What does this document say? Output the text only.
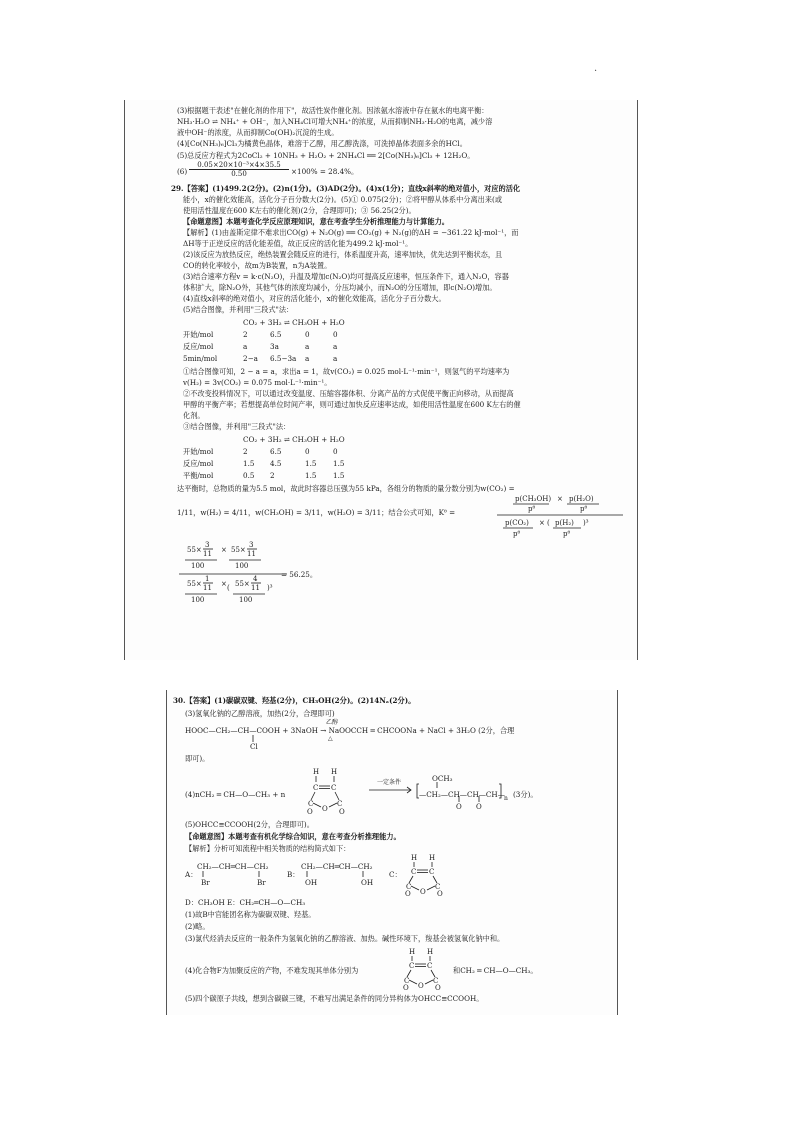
·
(3)根据题干表述"在催化剂的作用下"，故活性炭作催化剂。因浓氨水溶液中存在氨水的电离平衡：
NH₃·H₂O ⇌ NH₄⁺ + OH⁻，加入NH₄Cl可增大NH₄⁺的浓度，从而抑制NH₃·H₂O的电离，减少溶
液中OH⁻的浓度，从而抑制Co(OH)₂沉淀的生成。
(4)[Co(NH₃)₆]Cl₃为橘黄色晶体，难溶于乙醇，用乙醇洗涤，可洗掉晶体表面多余的HCl。
(5)总反应方程式为2CoCl₂ + 10NH₃ + H₂O₂ + 2NH₄Cl ══ 2[Co(NH₃)₆]Cl₃ + 12H₂O。
$(6) \frac{\text{0.05×20×10⁻³×4×35.5}}{0.50} \times 100\% = 28.4\%$。
29.【答案】(1)499.2(2分)。(2)n(1分)。(3)AD(2分)。(4)x(1分)；直线x斜率的绝对值小，对应的活化
能小，x的催化效能高，活化分子百分数大(2分)。(5)① 0.075(2分)；②将甲醇从体系中分离出来(或
使用活性温度在600 K左右的催化剂)(2分，合理即可)；③ 56.25(2分)。
【命题意图】本题考查化学反应原理知识，意在考查学生分析推理能力与计算能力。
【解析】(1)由盖斯定律不难求出CO(g) + N₂O(g) ══ CO₂(g) + N₂(g)的ΔH = −361.22 kJ·mol⁻¹，而
ΔH等于正逆反应的活化能差值，故正反应的活化能为499.2 kJ·mol⁻¹。
(2)该反应为放热反应，绝热装置会随反应的进行，体系温度升高，速率加快，优先达到平衡状态，且
CO的转化率较小，故m为B装置，n为A装置。
(3)结合速率方程v = k·c(N₂O)，升温及增加c(N₂O)均可提高反应速率，恒压条件下，通入N₂O，容器
体积扩大，除N₂O外，其他气体的浓度均减小，分压均减小，而N₂O的分压增加，即c(N₂O)增加。
(4)直线x斜率的绝对值小，对应的活化能小，x的催化效能高，活化分子百分数大。
(5)结合图像，并利用"三段式"法：
CO₂ + 3H₂ ⇌ CH₃OH + H₂O
开始/mol	2	6.5	0	0
反应/mol	a	3a	a	a
5min/mol	2−a 6.5−3a a	a
①结合图像可知，2 − a = a，求出a = 1，故v(CO₂) = 0.025 mol·L⁻¹·min⁻¹，则氢气的平均速率为
v(H₂) = 3v(CO₂) = 0.075 mol·L⁻¹·min⁻¹。
②不改变投料情况下，可以通过改变温度、压缩容器体积、分离产品的方式促使平衡正向移动，从而提高
甲醇的平衡产率；若想提高单位时间产率，则可通过加快反应速率达成，如使用活性温度在600 K左右的催
化剂。
③结合图像，并利用"三段式"法：
CO₂ + 3H₂ ⇌ CH₃OH + H₂O
开始/mol	2	6.5	0	0
反应/mol	1.5 4.5	1.5 1.5
平衡/mol	0.5 2	1.5 1.5
达平衡时，总物质的量为5.5 mol，故此时容器总压强为55 kPa，各组分的物质的量分数分别为w(CO₂) =
1/11，w(H₂) = 4/11，w(CH₃OH) = 3/11，w(H₂O) = 3/11；结合公式可知，Kᶿ =
p(CH₃OH) × p(H₂O)
pᶿ	pᶿ
p(CO₂) × ( p(H₂) )³
pᶿ	pᶿ
55×
3
11 × 55×
3
11
100	100
55×
1
11 × ( 55×
4
11
100
)³
100
= 56.25。
30.【答案】(1)碳碳双键、羟基(2分)，CH₃OH(2分)。(2)14Nₐ(2分)。
(3)氢氧化钠的乙醇溶液，加热(2分，合理即可)
HOOC—CH₂—CH—COOH + 3NaOH → NaOOCCH ═ CHCOONa + NaCl + 3H₂O (2分，合理
乙醇
△
Cl
即可)。
(4)nCH₂ ═ CH—O—CH₃ + n
H H
C C
C	C
O
O	O
一定条件
→ —CH₂—CH—CH—CH—
OCH₃
O O
n (3分)。
(5)OHCC≡CCOOH(2分，合理即可)。
【命题意图】本题考查有机化学综合知识，意在考查分析推理能力。
【解析】分析可知流程中相关物质的结构简式如下：
A：
CH₂—CH═CH—CH₂
Br	Br
B：
CH₂—CH═CH—CH₂
OH	OH
C：
H H
C C
C	C
O
O	O
D：CH₃OH E：CH₂═CH—O—CH₃
(1)故B中官能团名称为碳碳双键、羟基。
(2)略。
(3)氯代烃消去反应的一般条件为氢氧化钠的乙醇溶液、加热。碱性环境下，羧基会被氢氧化钠中和。
(4)化合物F为加聚反应的产物，不难发现其单体分别为
H H
C C
C	C
O
O	O
和CH₂ ═ CH—O—CH₃。
(5)四个碳原子共线，想到含碳碳三键，不难写出满足条件的同分异构体为OHCC≡CCOOH。
